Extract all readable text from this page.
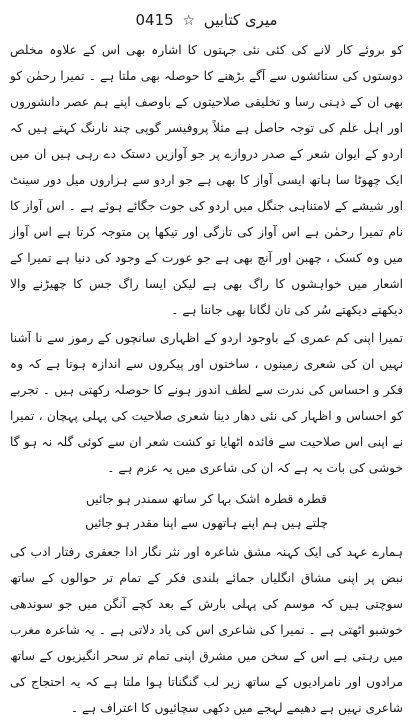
میری کتابیں ☆ 0415

کو بروئے کار لانے کی کئی نئی جہتوں کا اشارہ بھی اس کے علاوہ مخلص دوستوں کی ستائشوں سے آگے بڑھنے کا حوصلہ بھی ملتا ہے ۔ تمیرا رحمٰن کو بھی ان کے ذہنی رسا و تخلیقی صلاحیتوں کے باوصف اپنے ہم عصر دانشوروں اور اہل علم کی توجہ حاصل ہے مثلاً پروفیسر گوپی چند نارنگ کہتے ہیں کہ اردو کے ایوان شعر کے صدر دروازے پر جو آوازیں دستک دے رہی ہیں ان میں ایک چھوٹا سا ہاتھ ایسی آواز کا بھی ہے جو اردو سے ہزاروں میل دور سینٹ اور شیشے کے لامتناہی جنگل میں اردو کی جوت جگائے ہوئے ہے ۔ اس آواز کا نام تمیرا رحمٰن ہے اس آواز کی تازگی اور تیکھا پن متوجہ کرتا ہے اس آواز میں وہ کسک ، چھبن اور آنچ بھی ہے جو عورت کے وجود کی دنیا ہے تمیرا کے اشعار میں خواہشوں کا راگ بھی ہے لیکن ایسا راگ جس کا چھیڑنے والا دیکھتے دیکھتے سُر کی تان لگانا بھی جانتا ہے ۔

تمیرا اپنی کم عمری کے باوجود اردو کے اظہاری سانچوں کے رموز سے نا آشنا نہیں ان کی شعری زمینوں ، ساختوں اور پیکروں سے اندازہ ہوتا ہے کہ وہ فکر و احساس کی ندرت سے لطف اندوز ہونے کا حوصلہ رکھتی ہیں ۔ تجربے کو احساس و اظہار کی نئی دھار دینا شعری صلاحیت کی پہلی پہچان ، تمیرا نے اپنی اس صلاحیت سے فائدہ اٹھایا تو کشت شعر ان سے کوئی گلہ نہ ہو گا خوشی کی بات یہ ہے کہ ان کی شاعری میں یہ عزم ہے ۔

قطرہ قطرہ اشک بہا کر ساتھ سمندر ہو جائیں

چلتے ہیں ہم اپنے ہاتھوں سے اپنا مقدر ہو جائیں

ہمارے عہد کی ایک کہنہ مشق شاعرہ اور نثر نگار ادا جعفری رفتار ادب کی نبض پر اپنی مشاق انگلیاں جمائے بلندی فکر کے تمام تر حوالوں کے ساتھ سوچتی ہیں کہ موسم کی پہلی بارش کے بعد کچے آنگن میں جو سوندھی خوشبو اٹھتی ہے ۔ تمیرا کی شاعری اس کی یاد دلاتی ہے ۔ یہ شاعرہ مغرب میں رہتی ہے اس کے سخن میں مشرق اپنی تمام تر سحر انگیزیوں کے ساتھ مرادوں اور نامرادیوں کے ساتھ زیر لب گنگناتا ہوا ملتا ہے کہ یہ احتجاج کی شاعری نہیں ہے دھیمے لہجے میں دکھی سچائیوں کا اعتراف ہے ۔
